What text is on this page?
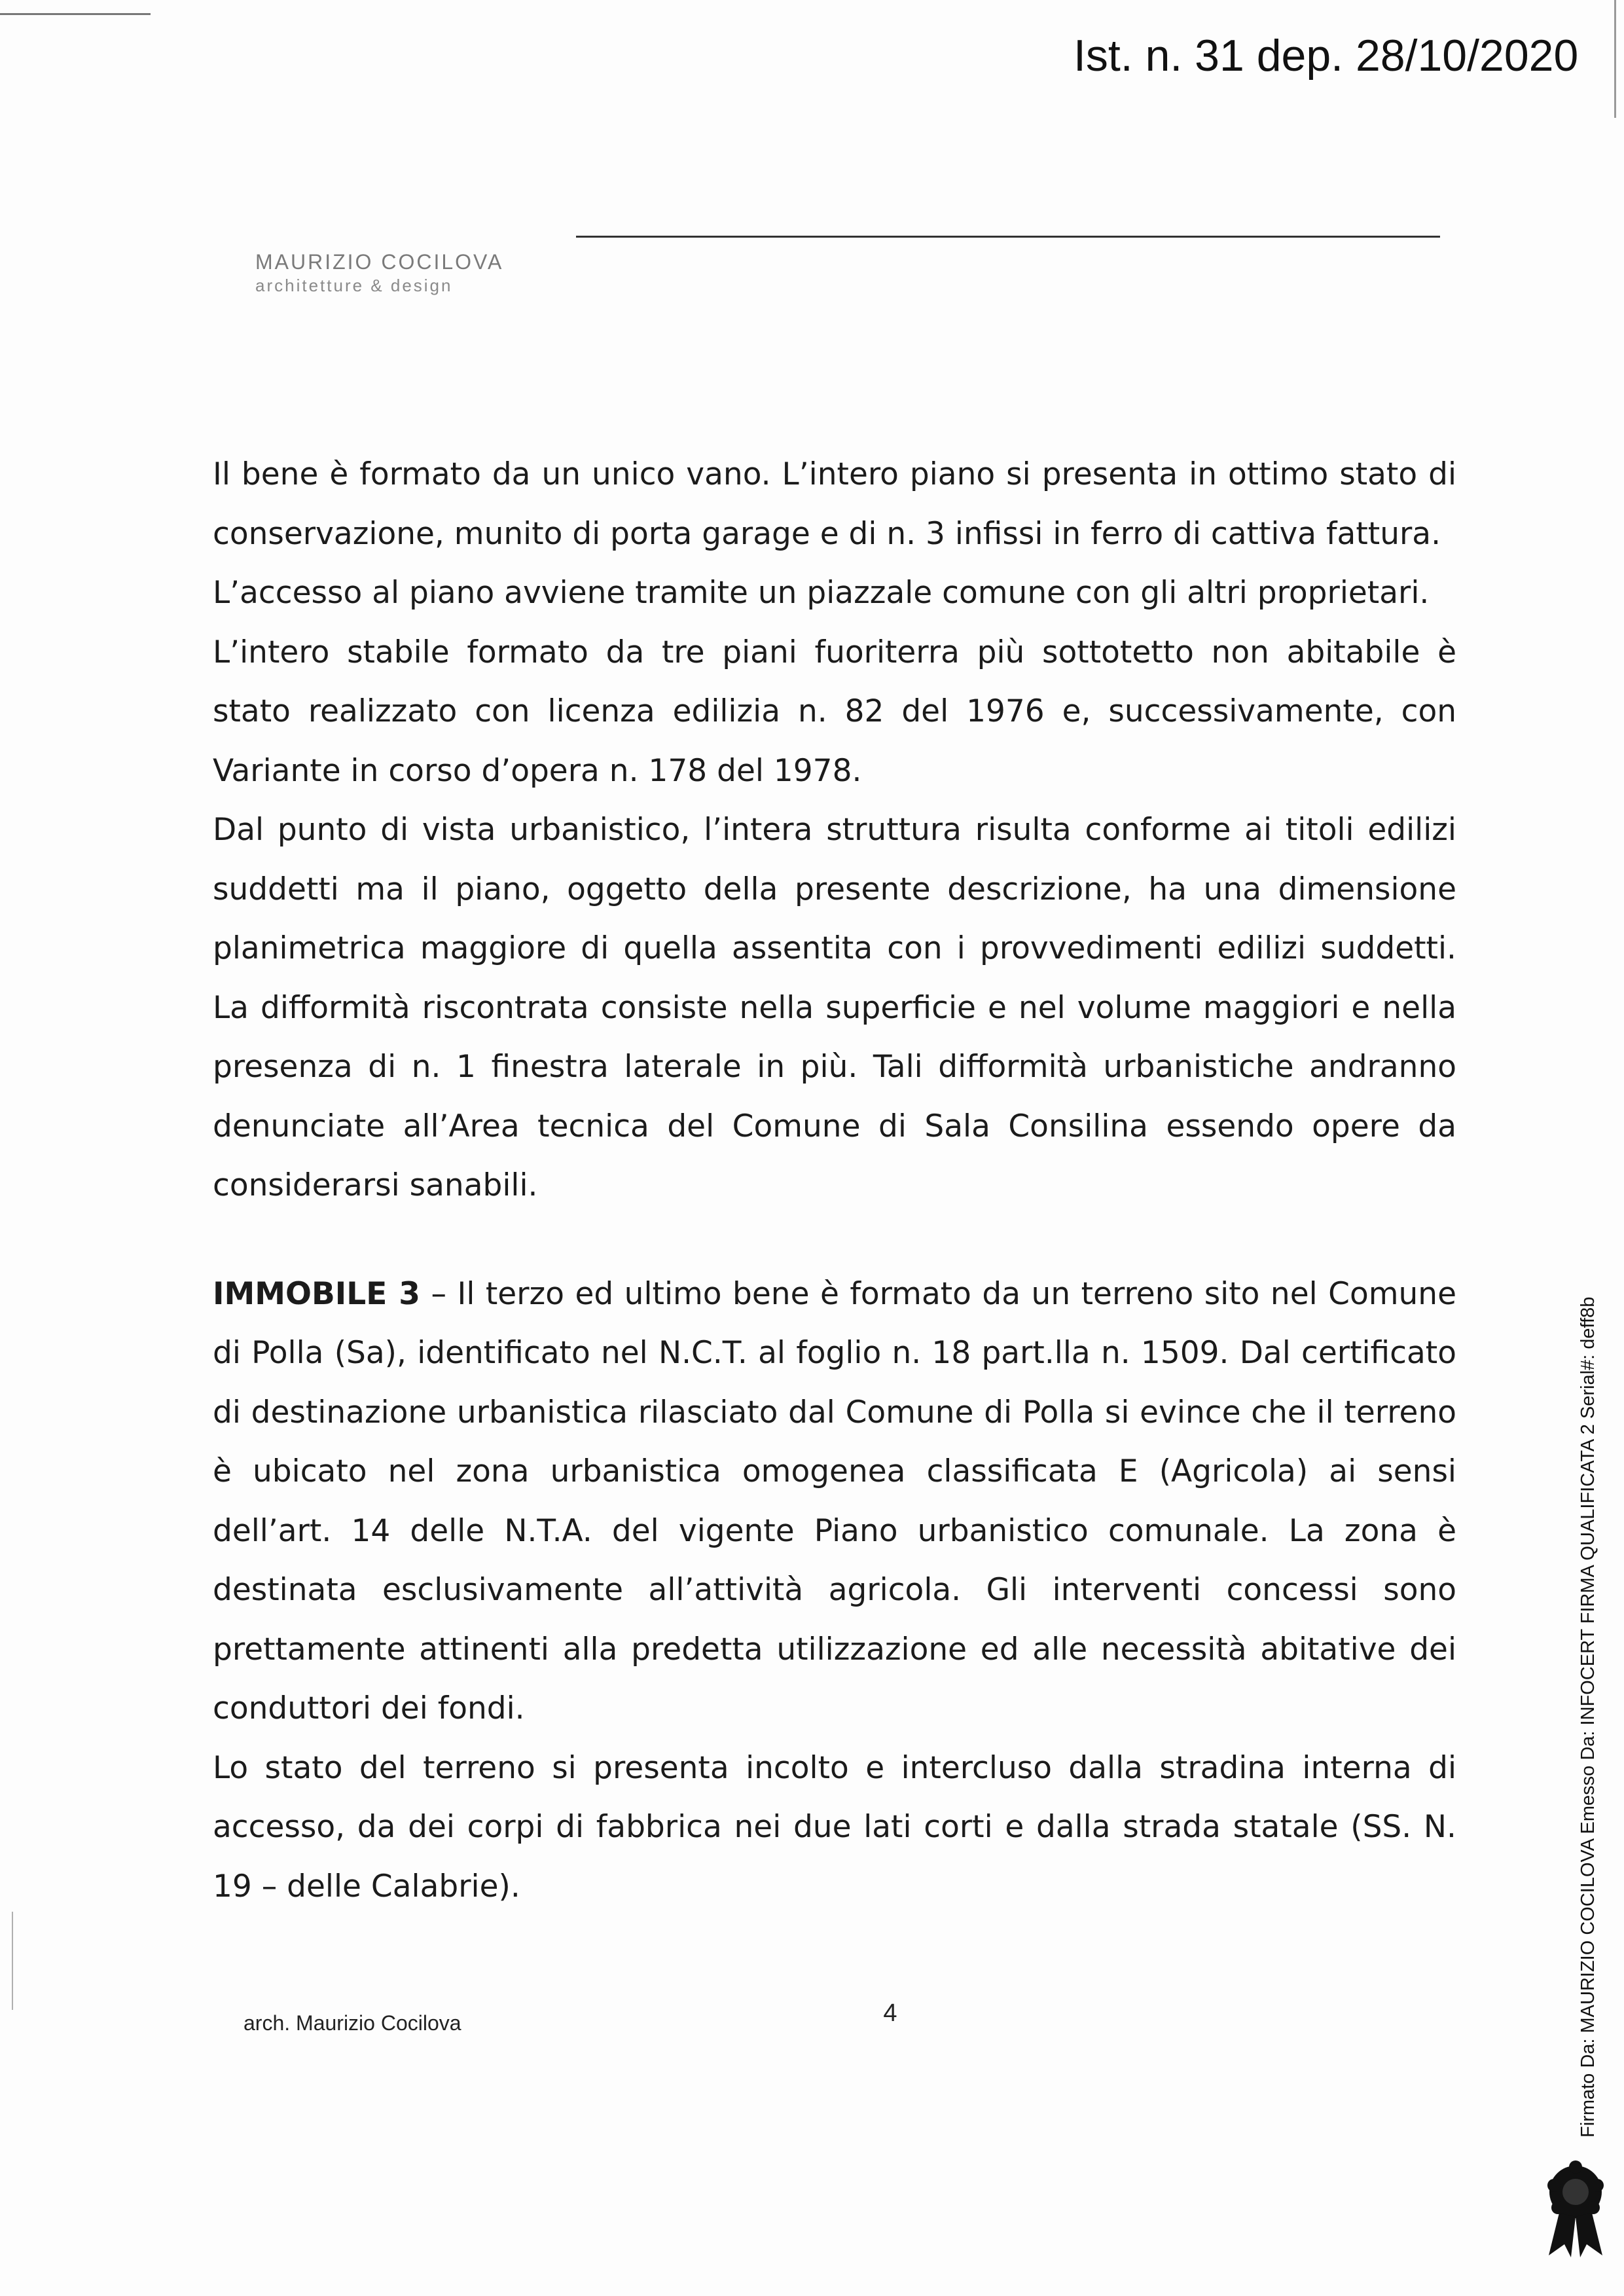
Ist. n. 31 dep. 28/10/2020
MAURIZIO COCILOVA
architetture & design

Il bene è formato da un unico vano. L’intero piano si presenta in ottimo stato di conservazione, munito di porta garage e di n. 3 infissi in ferro di cattiva fattura.

L’accesso al piano avviene tramite un piazzale comune con gli altri proprietari.

L’intero stabile formato da tre piani fuoriterra più sottotetto non abitabile è stato realizzato con licenza edilizia n. 82 del 1976 e, successivamente, con Variante in corso d’opera n. 178 del 1978.

Dal punto di vista urbanistico, l’intera struttura risulta conforme ai titoli edilizi suddetti ma il piano, oggetto della presente descrizione, ha una dimensione planimetrica maggiore di quella assentita con i provvedimenti edilizi suddetti. La difformità riscontrata consiste nella superficie e nel volume maggiori e nella presenza di n. 1 finestra laterale in più. Tali difformità urbanistiche andranno denunciate all’Area tecnica del Comune di Sala Consilina essendo opere da considerarsi sanabili.

IMMOBILE 3 – Il terzo ed ultimo bene è formato da un terreno sito nel Comune di Polla (Sa), identificato nel N.C.T. al foglio n. 18 part.lla n. 1509. Dal certificato di destinazione urbanistica rilasciato dal Comune di Polla si evince che il terreno è ubicato nel zona urbanistica omogenea classificata E (Agricola) ai sensi dell’art. 14 delle N.T.A. del vigente Piano urbanistico comunale. La zona è destinata esclusivamente all’attività agricola. Gli interventi concessi sono prettamente attinenti alla predetta utilizzazione ed alle necessità abitative dei conduttori dei fondi.

Lo stato del terreno si presenta incolto e intercluso dalla stradina interna di accesso, da dei corpi di fabbrica nei due lati corti e dalla strada statale (SS. N. 19 – delle Calabrie).

arch. Maurizio Cocilova	4	Firmato Da: MAURIZIO COCILOVA Emesso Da: INFOCERT FIRMA QUALIFICATA 2 Serial#: deff8b
